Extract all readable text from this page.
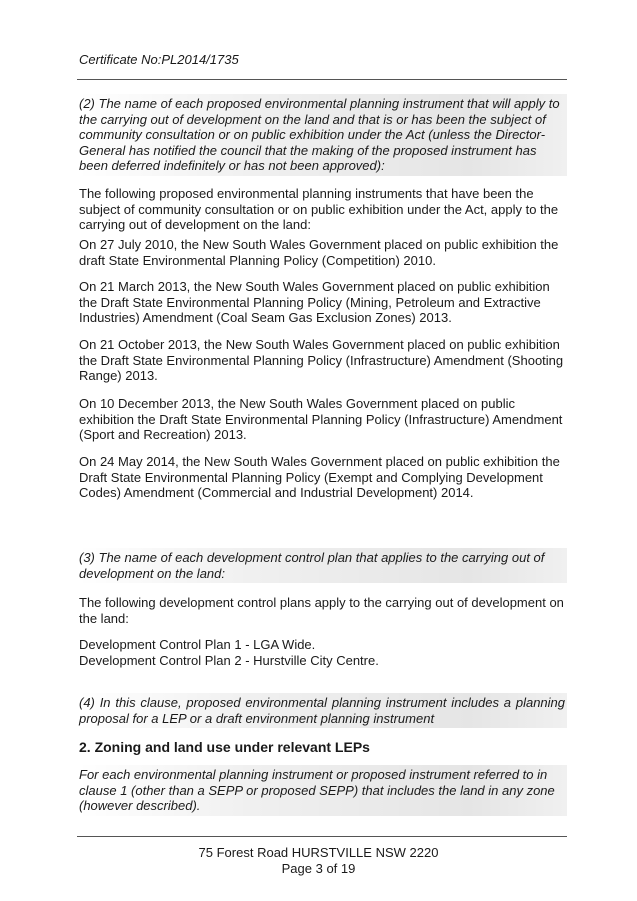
Certificate No:PL2014/1735
(2) The name of each proposed environmental planning instrument that will apply to the carrying out of development on the land and that is or has been the subject of community consultation or on public exhibition under the Act (unless the Director-General has notified the council that the making of the proposed instrument has been deferred indefinitely or has not been approved):

The following proposed environmental planning instruments that have been the subject of community consultation or on public exhibition under the Act, apply to the carrying out of development on the land:

On 27 July 2010, the New South Wales Government placed on public exhibition the draft State Environmental Planning Policy (Competition) 2010.

On 21 March 2013, the New South Wales Government placed on public exhibition the Draft State Environmental Planning Policy (Mining, Petroleum and Extractive Industries) Amendment (Coal Seam Gas Exclusion Zones) 2013.

On 21 October 2013, the New South Wales Government placed on public exhibition the Draft State Environmental Planning Policy (Infrastructure) Amendment (Shooting Range) 2013.

On 10 December 2013, the New South Wales Government placed on public exhibition the Draft State Environmental Planning Policy (Infrastructure) Amendment (Sport and Recreation) 2013.

On 24 May 2014, the New South Wales Government placed on public exhibition the Draft State Environmental Planning Policy (Exempt and Complying Development Codes) Amendment (Commercial and Industrial Development) 2014.

(3) The name of each development control plan that applies to the carrying out of development on the land:

The following development control plans apply to the carrying out of development on the land:

Development Control Plan 1 - LGA Wide.

Development Control Plan 2 - Hurstville City Centre.

(4) In this clause, proposed environmental planning instrument includes a planning proposal for a LEP or a draft environment planning instrument
2. Zoning and land use under relevant LEPs
For each environmental planning instrument or proposed instrument referred to in clause 1 (other than a SEPP or proposed SEPP) that includes the land in any zone (however described).
75 Forest Road HURSTVILLE NSW 2220
Page 3 of 19
